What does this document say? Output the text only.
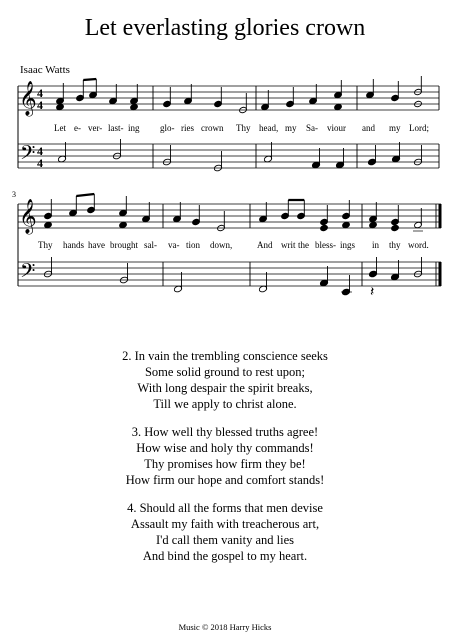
Let everlasting glories crown
Isaac Watts
𝄞
𝄢
4
4
4
4
Let e- ver- last- ing glo- ries crown Thy head, my Sa- viour and my Lord;
3
𝄞
𝄢
𝄽
Thy hands have brought sal- va- tion down,	And writ the bless- ings in thy word.
2. In vain the trembling conscience seeks
Some solid ground to rest upon;
With long despair the spirit breaks,
Till we apply to christ alone.
3. How well thy blessed truths agree!
How wise and holy thy commands!
Thy promises how firm they be!
How firm our hope and comfort stands!
4. Should all the forms that men devise
Assault my faith with treacherous art,
I'd call them vanity and lies
And bind the gospel to my heart.
Music © 2018 Harry Hicks
